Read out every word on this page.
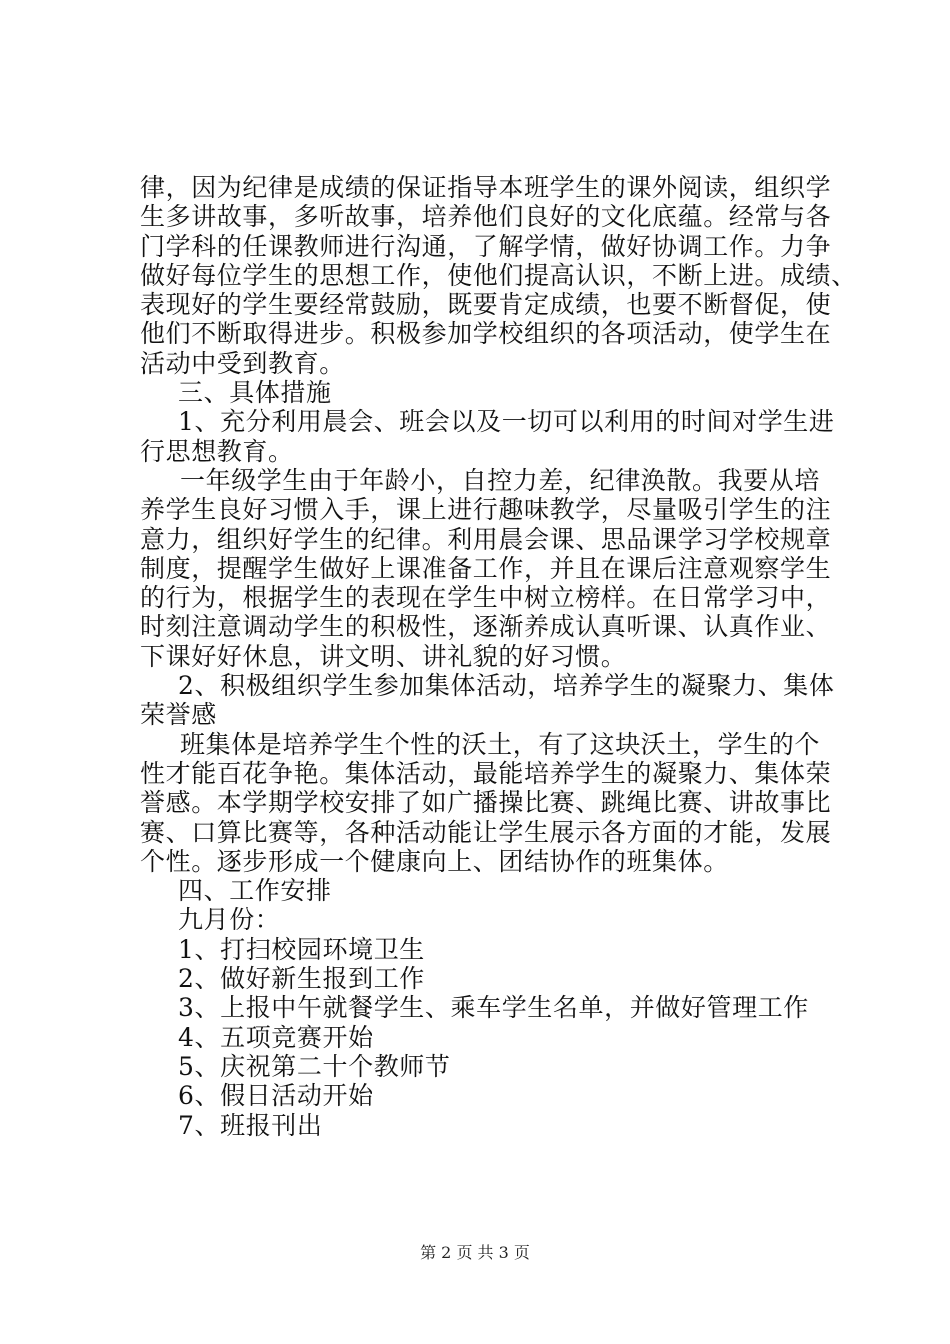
律，因为纪律是成绩的保证指导本班学生的课外阅读，组织学
生多讲故事，多听故事，培养他们良好的文化底蕴。经常与各
门学科的任课教师进行沟通，了解学情，做好协调工作。力争
做好每位学生的思想工作，使他们提高认识，不断上进。成绩、
表现好的学生要经常鼓励，既要肯定成绩，也要不断督促，使
他们不断取得进步。积极参加学校组织的各项活动，使学生在
活动中受到教育。
三、具体措施
1、充分利用晨会、班会以及一切可以利用的时间对学生进
行思想教育。
一年级学生由于年龄小，自控力差，纪律涣散。我要从培
养学生良好习惯入手，课上进行趣味教学，尽量吸引学生的注
意力，组织好学生的纪律。利用晨会课、思品课学习学校规章
制度，提醒学生做好上课准备工作，并且在课后注意观察学生
的行为，根据学生的表现在学生中树立榜样。在日常学习中，
时刻注意调动学生的积极性，逐渐养成认真听课、认真作业、
下课好好休息，讲文明、讲礼貌的好习惯。
2、积极组织学生参加集体活动，培养学生的凝聚力、集体
荣誉感
班集体是培养学生个性的沃土，有了这块沃土，学生的个
性才能百花争艳。集体活动，最能培养学生的凝聚力、集体荣
誉感。本学期学校安排了如广播操比赛、跳绳比赛、讲故事比
赛、口算比赛等，各种活动能让学生展示各方面的才能，发展
个性。逐步形成一个健康向上、团结协作的班集体。
四、工作安排
九月份：
1、打扫校园环境卫生
2、做好新生报到工作
3、上报中午就餐学生、乘车学生名单，并做好管理工作
4、五项竞赛开始
5、庆祝第二十个教师节
6、假日活动开始
7、班报刊出
第 2 页 共 3 页
